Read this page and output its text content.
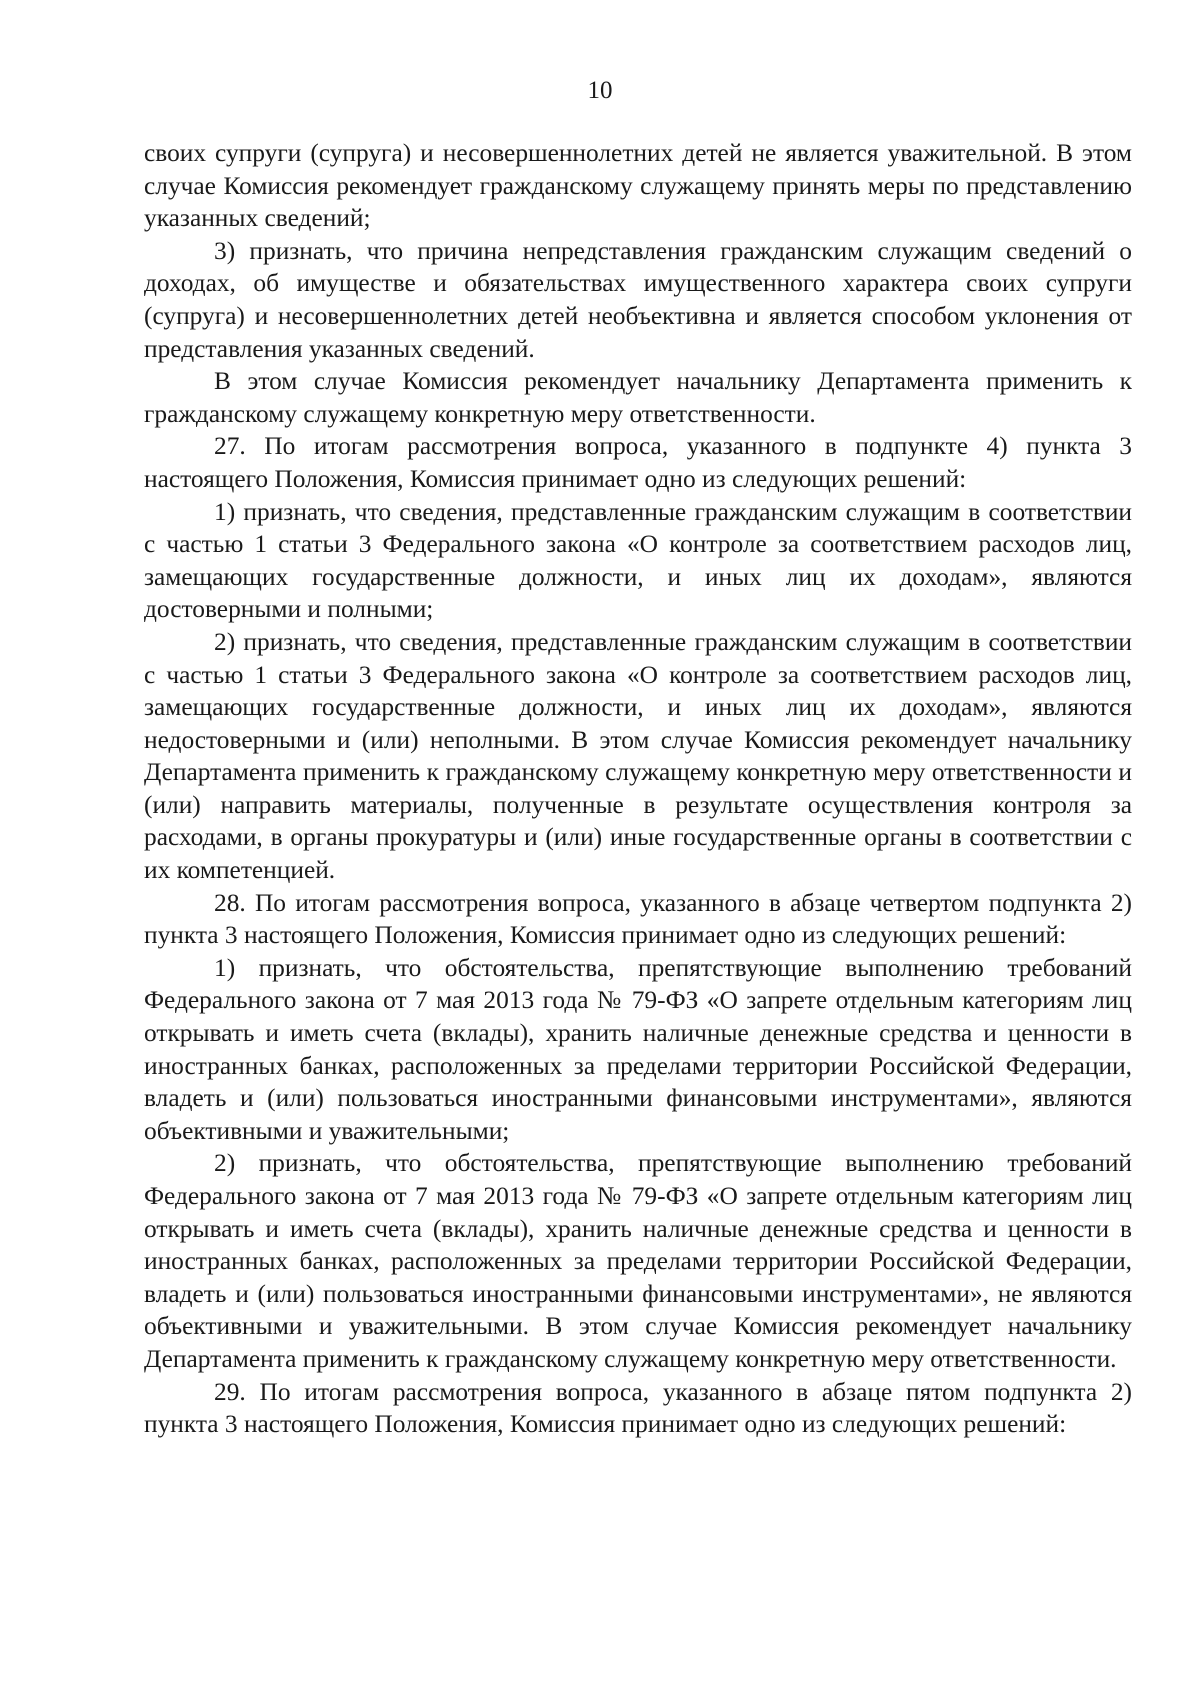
10

своих супруги (супруга) и несовершеннолетних детей не является уважительной. В этом случае Комиссия рекомендует гражданскому служащему принять меры по представлению указанных сведений;

3) признать, что причина непредставления гражданским служащим сведений о доходах, об имуществе и обязательствах имущественного характера своих супруги (супруга) и несовершеннолетних детей необъективна и является способом уклонения от представления указанных сведений.

В этом случае Комиссия рекомендует начальнику Департамента применить к гражданскому служащему конкретную меру ответственности.

27. По итогам рассмотрения вопроса, указанного в подпункте 4) пункта 3 настоящего Положения, Комиссия принимает одно из следующих решений:

1) признать, что сведения, представленные гражданским служащим в соответствии с частью 1 статьи 3 Федерального закона «О контроле за соответствием расходов лиц, замещающих государственные должности, и иных лиц их доходам», являются достоверными и полными;

2) признать, что сведения, представленные гражданским служащим в соответствии с частью 1 статьи 3 Федерального закона «О контроле за соответствием расходов лиц, замещающих государственные должности, и иных лиц их доходам», являются недостоверными и (или) неполными. В этом случае Комиссия рекомендует начальнику Департамента применить к гражданскому служащему конкретную меру ответственности и (или) направить материалы, полученные в результате осуществления контроля за расходами, в органы прокуратуры и (или) иные государственные органы в соответствии с их компетенцией.

28. По итогам рассмотрения вопроса, указанного в абзаце четвертом подпункта 2) пункта 3 настоящего Положения, Комиссия принимает одно из следующих решений:

1) признать, что обстоятельства, препятствующие выполнению требований Федерального закона от 7 мая 2013 года № 79-ФЗ «О запрете отдельным категориям лиц открывать и иметь счета (вклады), хранить наличные денежные средства и ценности в иностранных банках, расположенных за пределами территории Российской Федерации, владеть и (или) пользоваться иностранными финансовыми инструментами», являются объективными и уважительными;

2) признать, что обстоятельства, препятствующие выполнению требований Федерального закона от 7 мая 2013 года № 79-ФЗ «О запрете отдельным категориям лиц открывать и иметь счета (вклады), хранить наличные денежные средства и ценности в иностранных банках, расположенных за пределами территории Российской Федерации, владеть и (или) пользоваться иностранными финансовыми инструментами», не являются объективными и уважительными. В этом случае Комиссия рекомендует начальнику Департамента применить к гражданскому служащему конкретную меру ответственности.

29. По итогам рассмотрения вопроса, указанного в абзаце пятом подпункта 2) пункта 3 настоящего Положения, Комиссия принимает одно из следующих решений:
